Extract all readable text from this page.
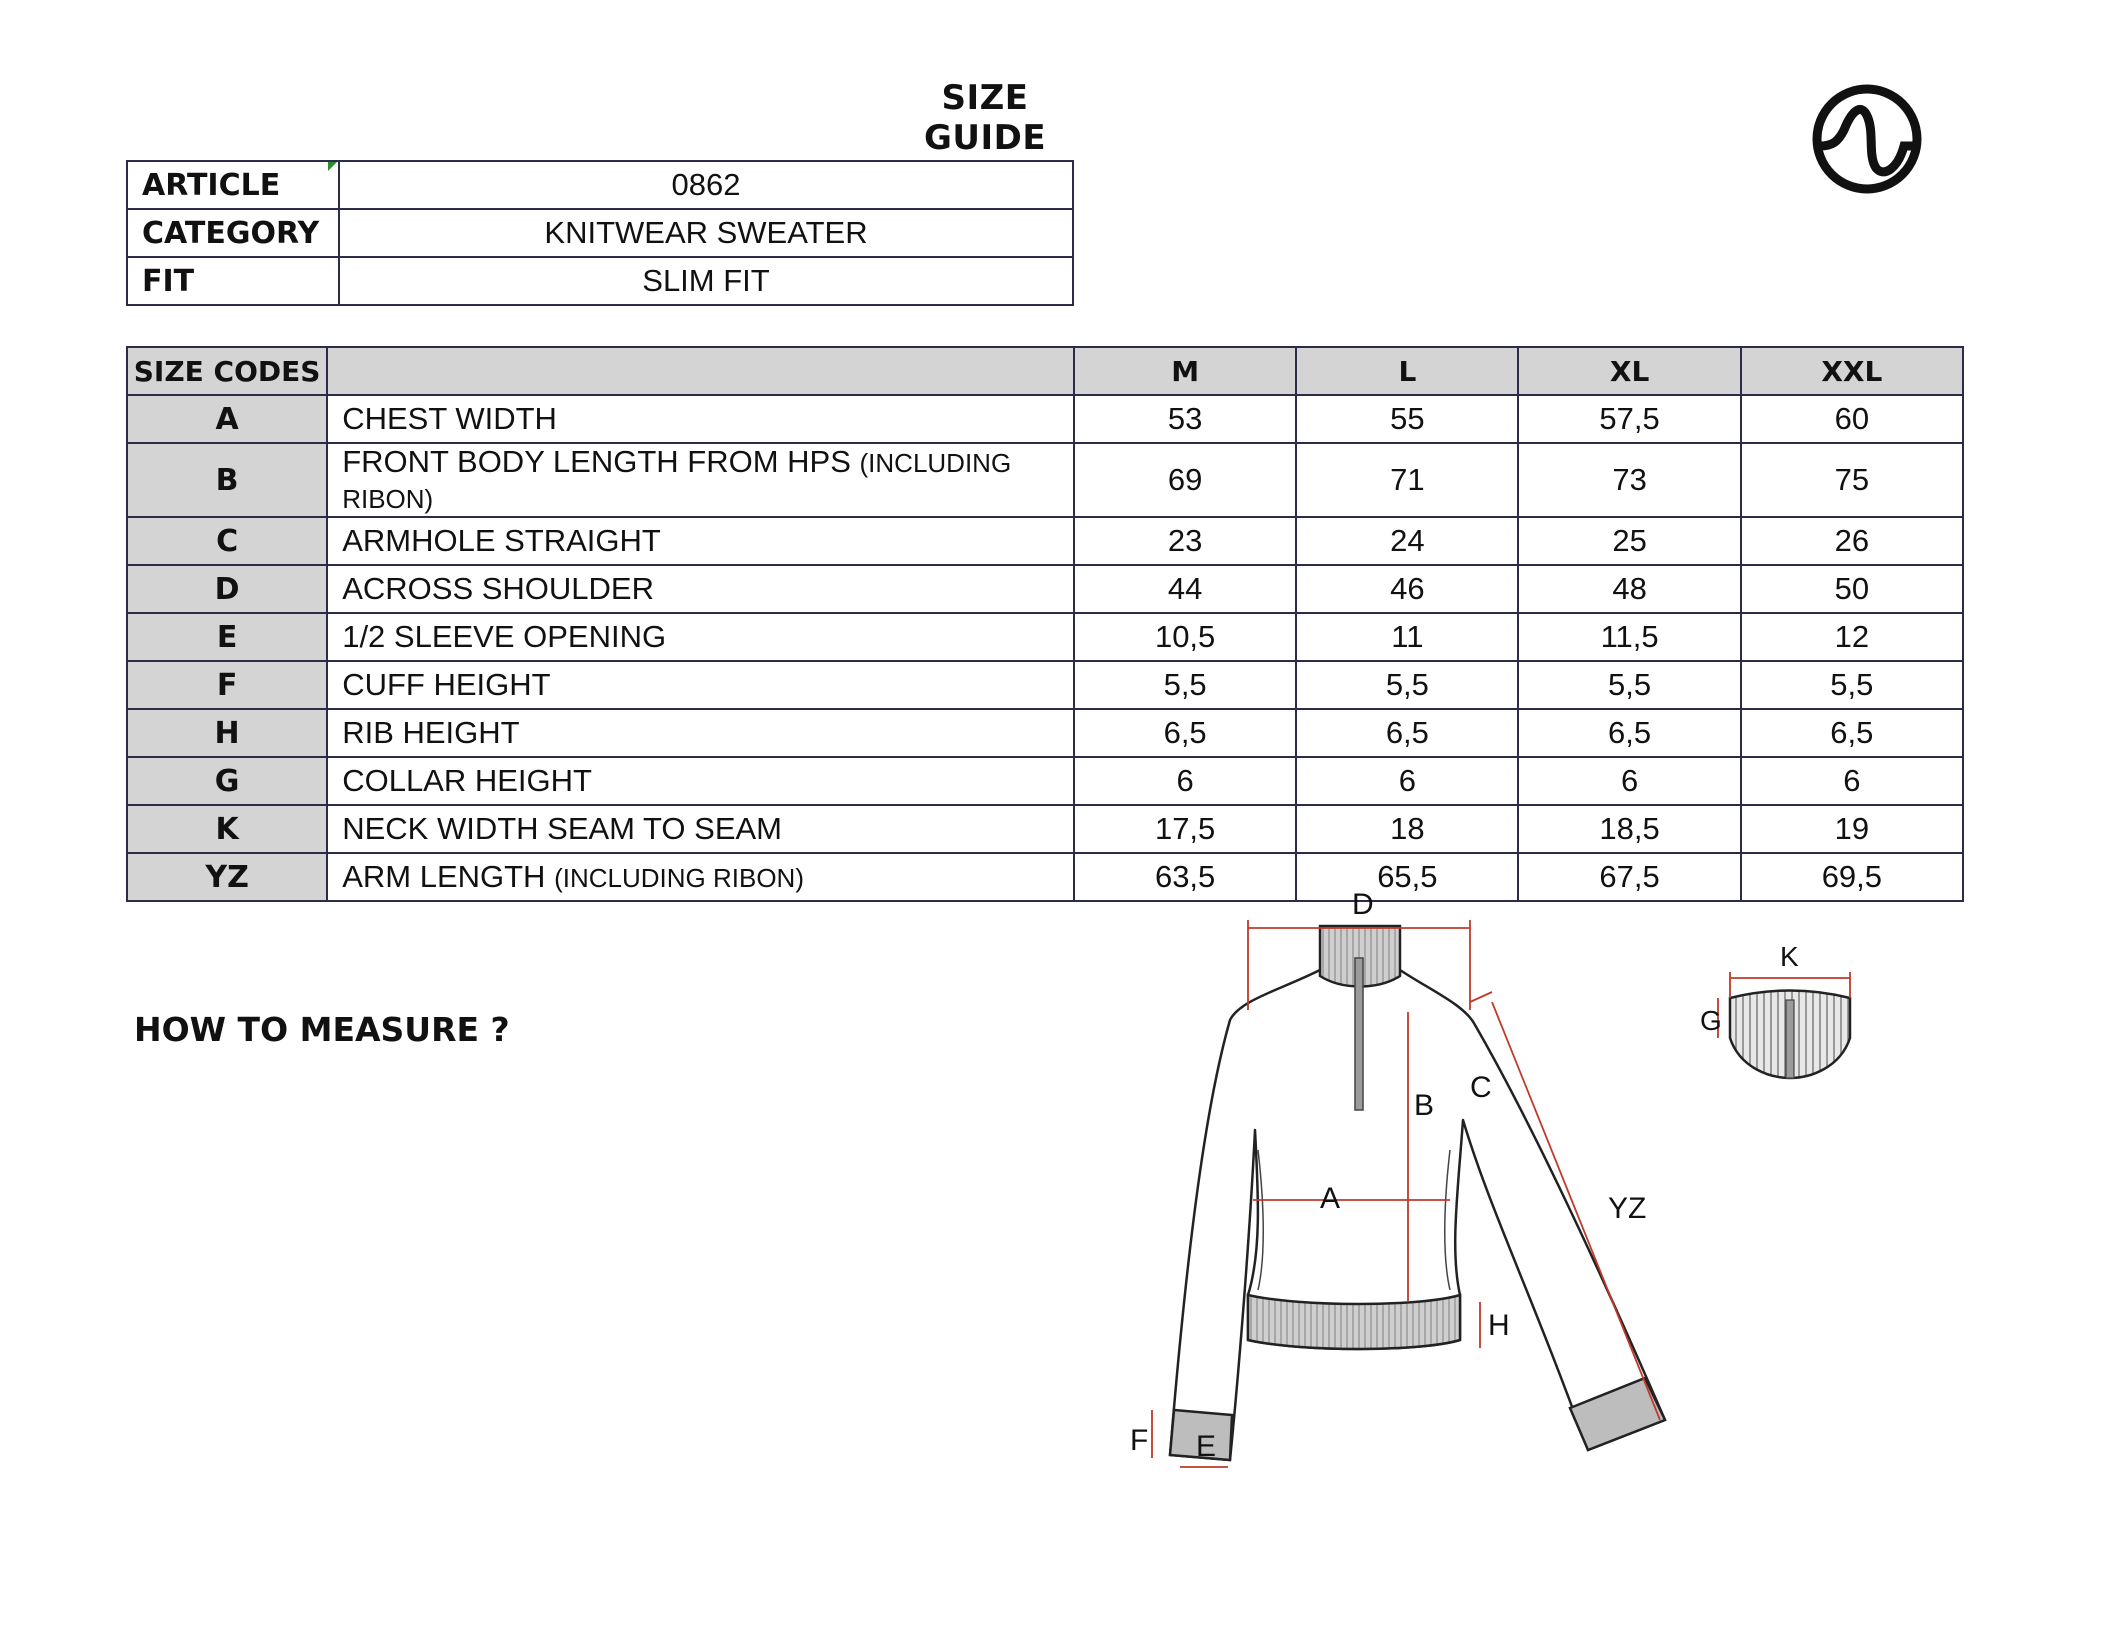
SIZE GUIDE
ARTICLE	0862
CATEGORY	KNITWEAR SWEATER
FIT	SLIM FIT
SIZE CODES		M	L	XL	XXL
A	CHEST WIDTH	53	55	57,5	60
B	FRONT BODY LENGTH FROM HPS (INCLUDING RIBON)	69	71	73	75
C	ARMHOLE STRAIGHT	23	24	25	26
D	ACROSS SHOULDER	44	46	48	50
E	1/2 SLEEVE OPENING	10,5	11	11,5	12
F	CUFF HEIGHT	5,5	5,5	5,5	5,5
H	RIB HEIGHT	6,5	6,5	6,5	6,5
G	COLLAR HEIGHT	6	6	6	6
K	NECK WIDTH SEAM TO SEAM	17,5	18	18,5	19
YZ	ARM LENGTH (INCLUDING RIBON)	63,5	65,5	67,5	69,5
HOW TO MEASURE ?
D
B
C
A	YZ
H
F E
K
G
